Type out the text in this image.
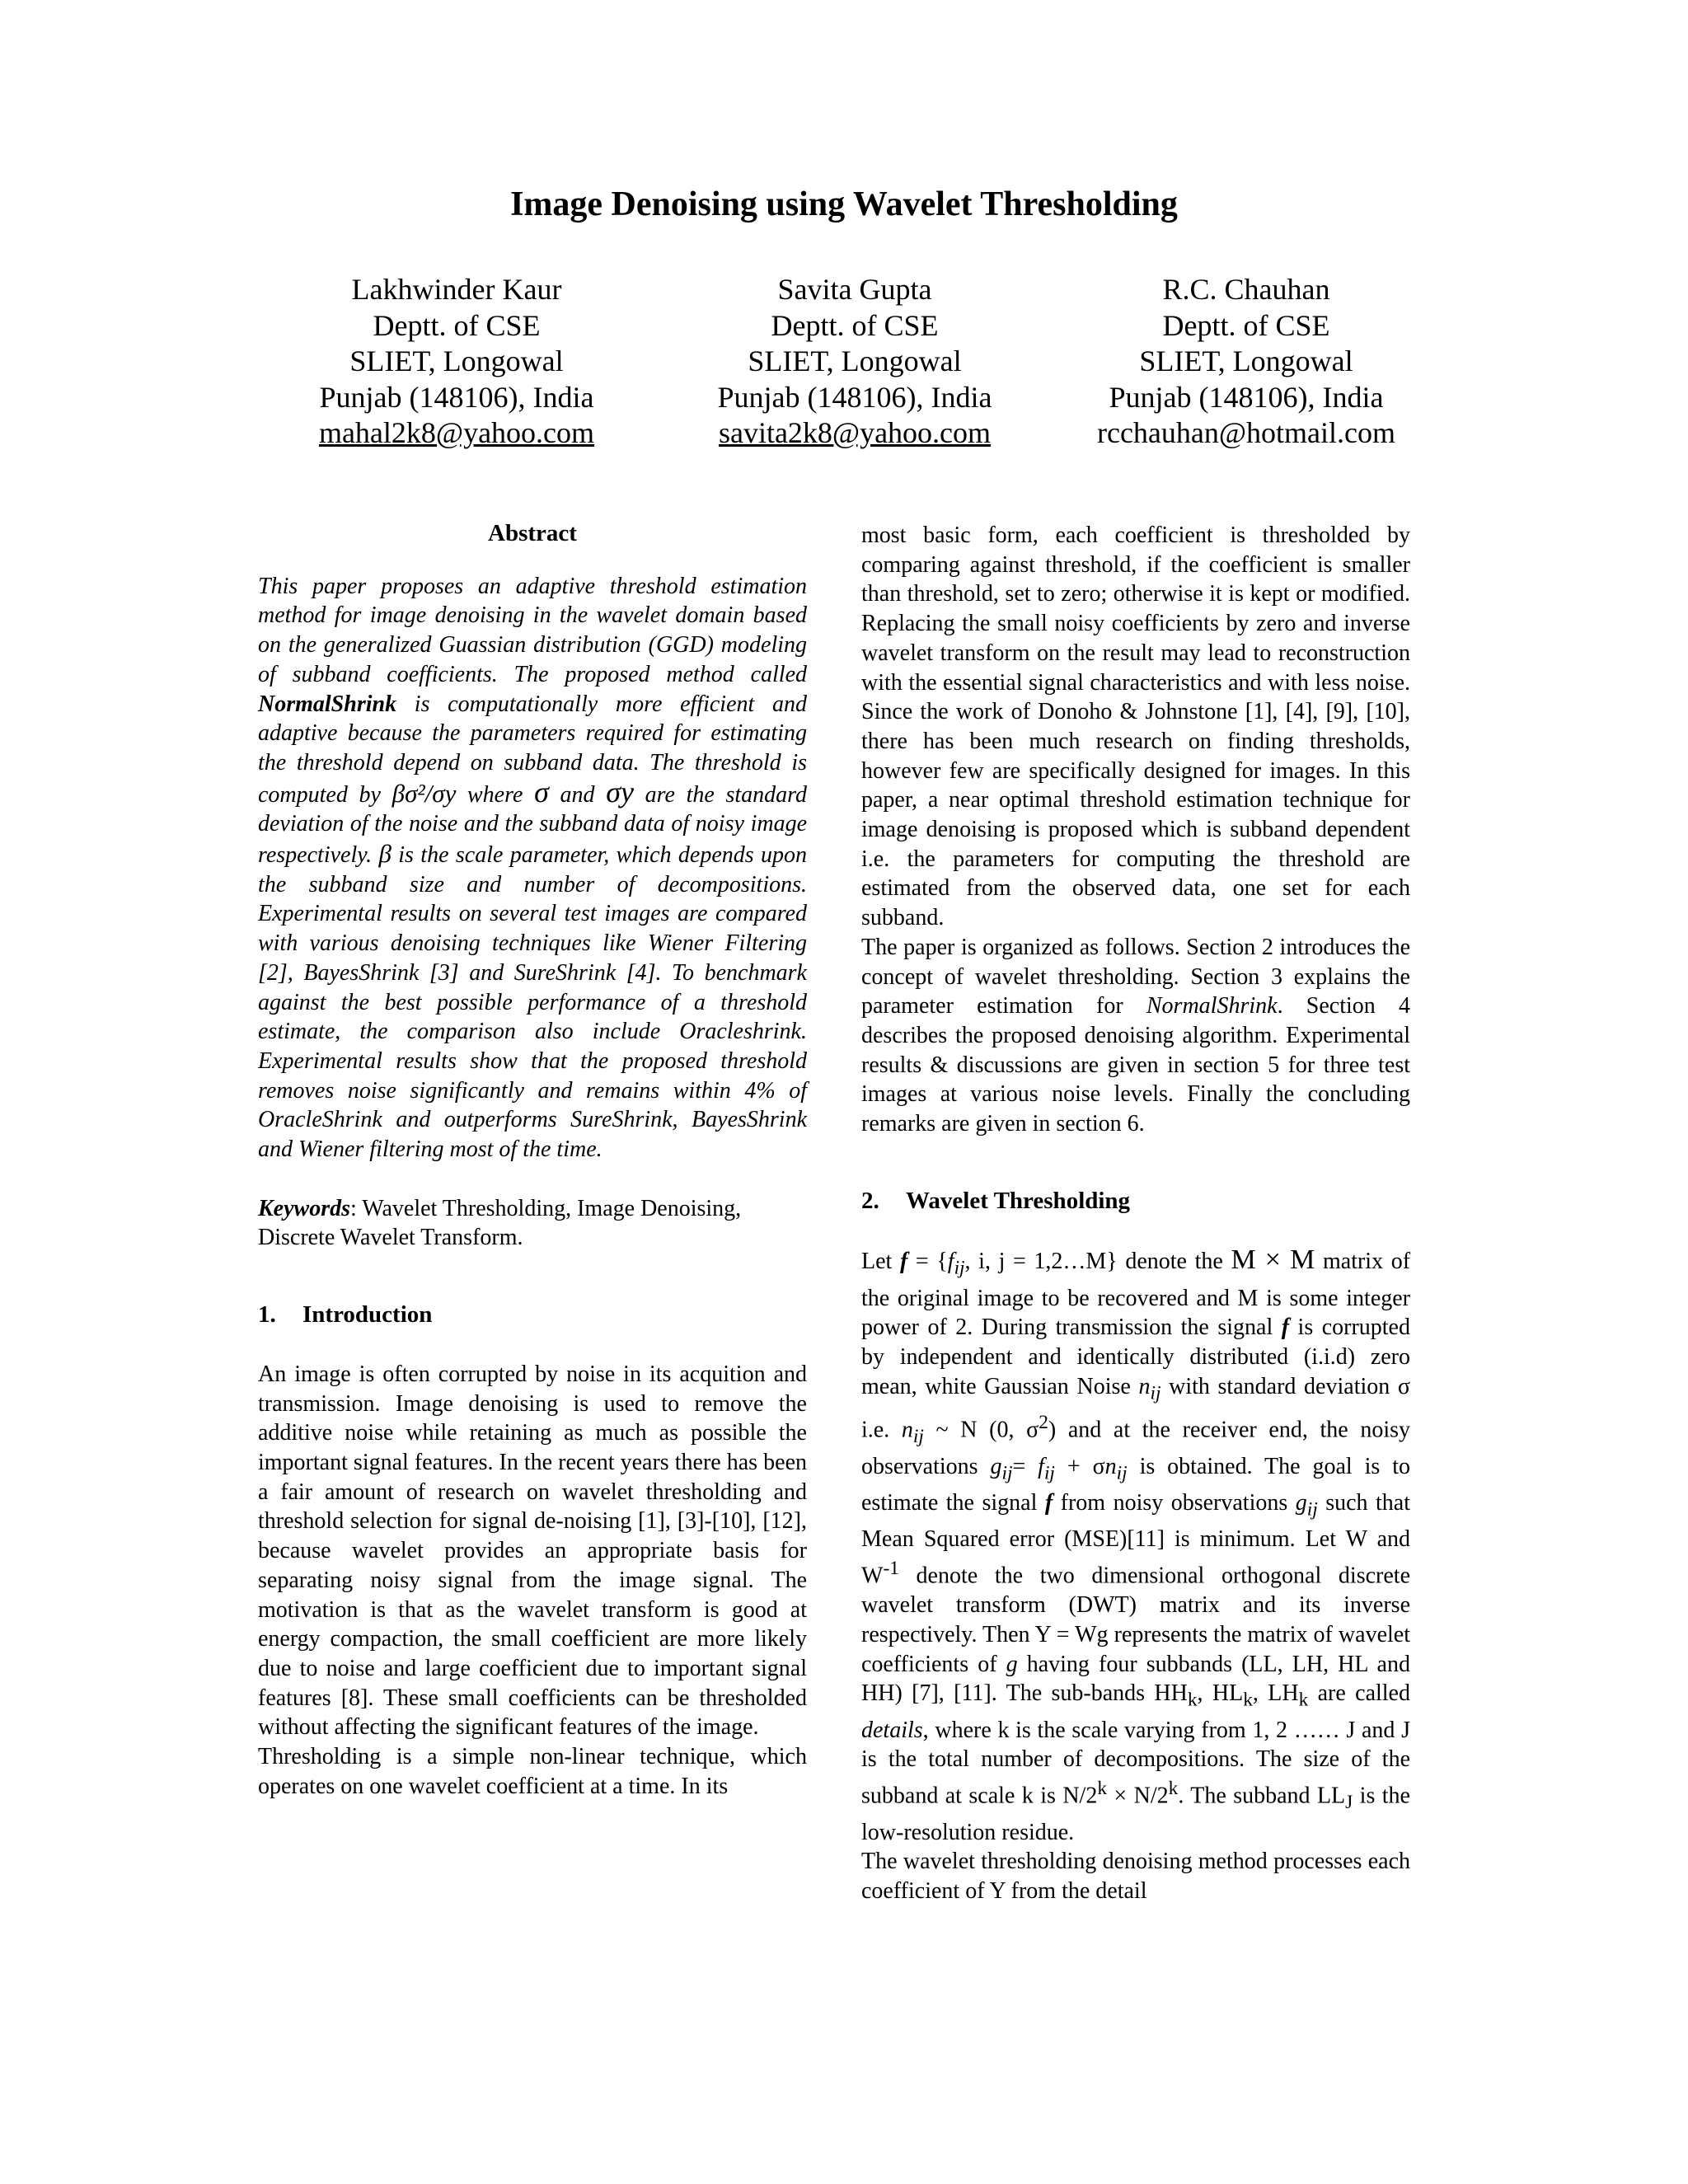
Image Denoising using Wavelet Thresholding
Lakhwinder Kaur
Deptt. of CSE
SLIET, Longowal
Punjab (148106), India
mahal2k8@yahoo.com
Savita Gupta
Deptt. of CSE
SLIET, Longowal
Punjab (148106), India
savita2k8@yahoo.com
R.C. Chauhan
Deptt. of CSE
SLIET, Longowal
Punjab (148106), India
rcchauhan@hotmail.com
Abstract

This paper proposes an adaptive threshold estimation method for image denoising in the wavelet domain based on the generalized Guassian distribution (GGD) modeling of subband coefficients. The proposed method called NormalShrink is computationally more efficient and adaptive because the parameters required for estimating the threshold depend on subband data. The threshold is computed by βσ²/σy where σ and σy are the standard deviation of the noise and the subband data of noisy image respectively. β is the scale parameter, which depends upon the subband size and number of decompositions. Experimental results on several test images are compared with various denoising techniques like Wiener Filtering [2], BayesShrink [3] and SureShrink [4]. To benchmark against the best possible performance of a threshold estimate, the comparison also include Oracleshrink. Experimental results show that the proposed threshold removes noise significantly and remains within 4% of OracleShrink and outperforms SureShrink, BayesShrink and Wiener filtering most of the time.

Keywords: Wavelet Thresholding, Image Denoising, Discrete Wavelet Transform.

1. Introduction

An image is often corrupted by noise in its acquition and transmission. Image denoising is used to remove the additive noise while retaining as much as possible the important signal features. In the recent years there has been a fair amount of research on wavelet thresholding and threshold selection for signal de-noising [1], [3]-[10], [12], because wavelet provides an appropriate basis for separating noisy signal from the image signal. The motivation is that as the wavelet transform is good at energy compaction, the small coefficient are more likely due to noise and large coefficient due to important signal features [8]. These small coefficients can be thresholded without affecting the significant features of the image.

Thresholding is a simple non-linear technique, which operates on one wavelet coefficient at a time. In its

most basic form, each coefficient is thresholded by comparing against threshold, if the coefficient is smaller than threshold, set to zero; otherwise it is kept or modified. Replacing the small noisy coefficients by zero and inverse wavelet transform on the result may lead to reconstruction with the essential signal characteristics and with less noise. Since the work of Donoho & Johnstone [1], [4], [9], [10], there has been much research on finding thresholds, however few are specifically designed for images. In this paper, a near optimal threshold estimation technique for image denoising is proposed which is subband dependent i.e. the parameters for computing the threshold are estimated from the observed data, one set for each subband.

The paper is organized as follows. Section 2 introduces the concept of wavelet thresholding. Section 3 explains the parameter estimation for NormalShrink. Section 4 describes the proposed denoising algorithm. Experimental results & discussions are given in section 5 for three test images at various noise levels. Finally the concluding remarks are given in section 6.

2. Wavelet Thresholding

Let $f = \{f_{ij}$, i, j = 1,2…M} denote the M × M matrix of the original image to be recovered and M is some integer power of 2. During transmission the signal f is corrupted by independent and identically distributed (i.i.d) zero mean, white Gaussian Noise $n_{ij}$ with standard deviation σ i.e. $n_{ij}$ ~ N (0, $\sigma^2$) and at the receiver end, the noisy observations $g_{ij}= f_{ij} + \sigma n_{ij}$ is obtained. The goal is to estimate the signal f from noisy observations $g_{ij}$ such that Mean Squared error (MSE)[11] is minimum. Let W and $W^{-1}$ denote the two dimensional orthogonal discrete wavelet transform (DWT) matrix and its inverse respectively. Then Y = Wg represents the matrix of wavelet coefficients of g having four subbands (LL, LH, HL and HH) [7], [11]. The sub-bands $HH_k$, $HL_k$, $LH_k$ are called details, where k is the scale varying from 1, 2 …… J and J is the total number of decompositions. The size of the subband at scale k is $N/2^k \times N/2^k$. The subband $LL_J$ is the low-resolution residue.

The wavelet thresholding denoising method processes each coefficient of Y from the detail
